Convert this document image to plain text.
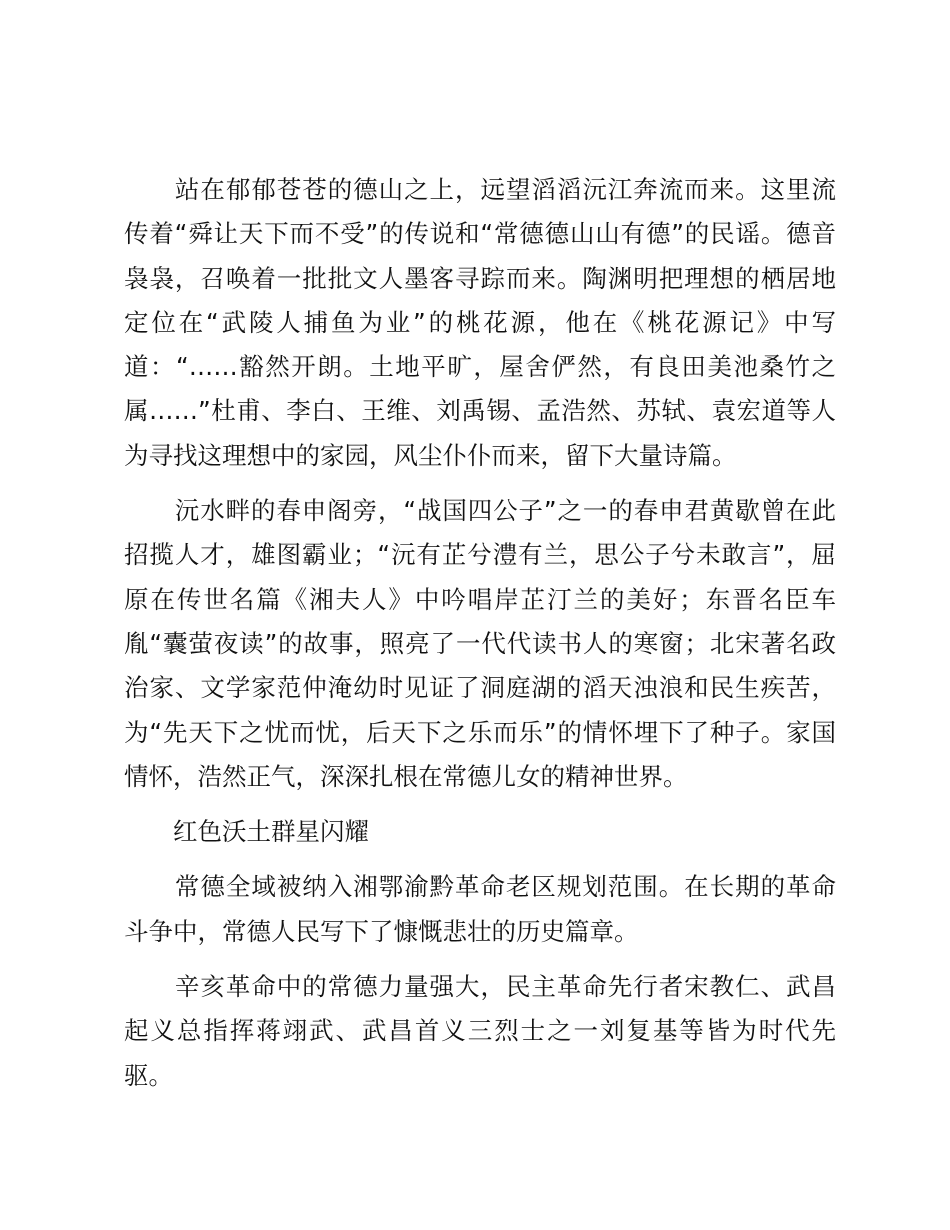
　　站在郁郁苍苍的德山之上，远望滔滔沅江奔流而来。这里流
传着“舜让天下而不受”的传说和“常德德山山有德”的民谣。德音
袅袅，召唤着一批批文人墨客寻踪而来。陶渊明把理想的栖居地
定位在“武陵人捕鱼为业”的桃花源，他在《桃花源记》中写
道：“……豁然开朗。土地平旷，屋舍俨然，有良田美池桑竹之
属……”杜甫、李白、王维、刘禹锡、孟浩然、苏轼、袁宏道等人
为寻找这理想中的家园，风尘仆仆而来，留下大量诗篇。

　　沅水畔的春申阁旁，“战国四公子”之一的春申君黄歇曾在此
招揽人才，雄图霸业；“沅有芷兮澧有兰，思公子兮未敢言”，屈
原在传世名篇《湘夫人》中吟唱岸芷汀兰的美好；东晋名臣车
胤“囊萤夜读”的故事，照亮了一代代读书人的寒窗；北宋著名政
治家、文学家范仲淹幼时见证了洞庭湖的滔天浊浪和民生疾苦，
为“先天下之忧而忧，后天下之乐而乐”的情怀埋下了种子。家国
情怀，浩然正气，深深扎根在常德儿女的精神世界。

　　红色沃土群星闪耀

　　常德全域被纳入湘鄂渝黔革命老区规划范围。在长期的革命
斗争中，常德人民写下了慷慨悲壮的历史篇章。

　　辛亥革命中的常德力量强大，民主革命先行者宋教仁、武昌
起义总指挥蒋翊武、武昌首义三烈士之一刘复基等皆为时代先
驱。
